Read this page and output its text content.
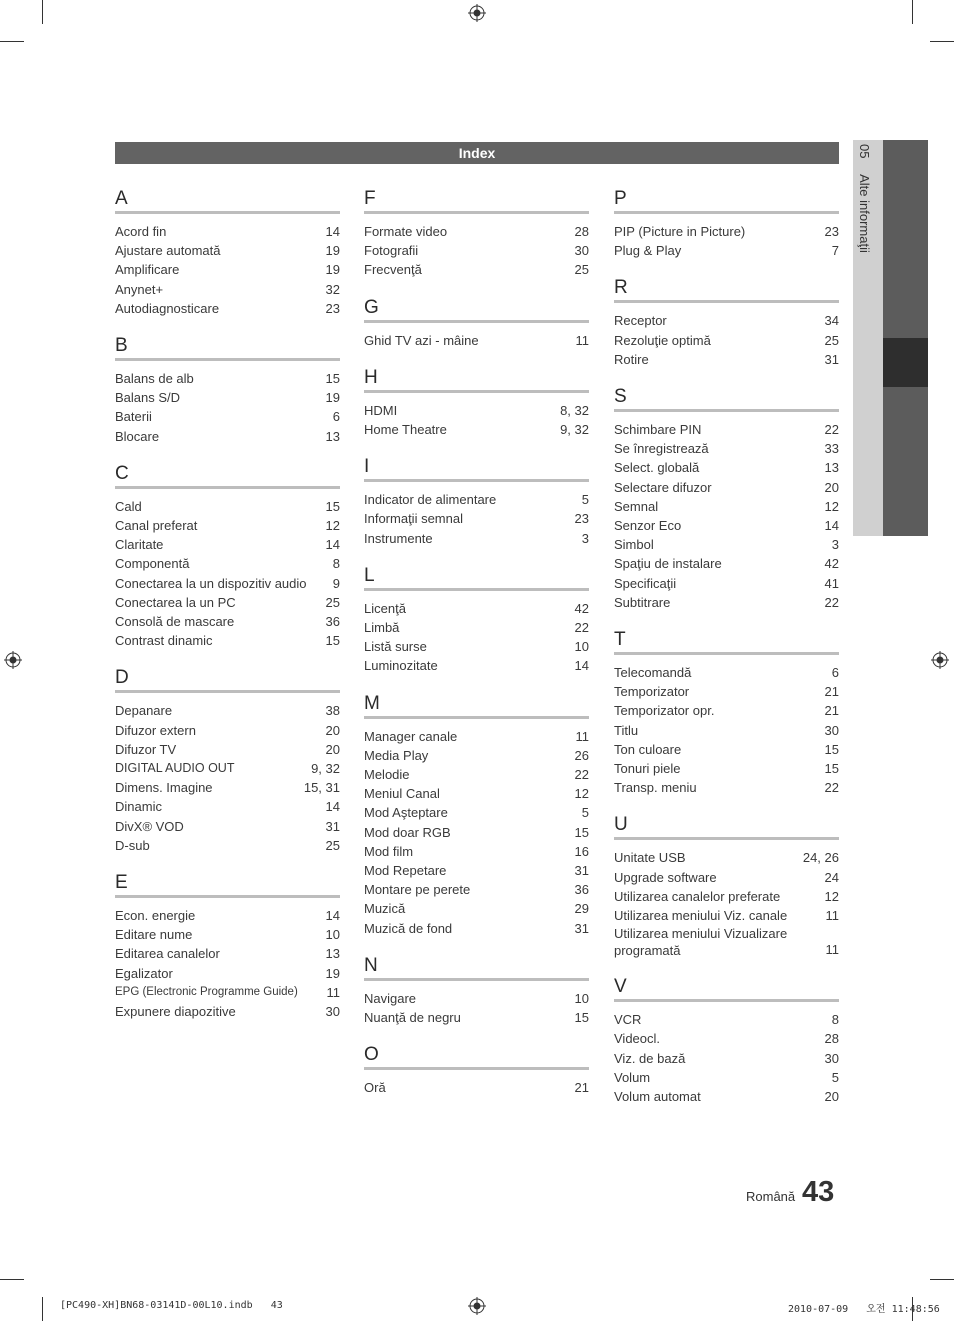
Index	05 Alte informaţii
A
Acord fin	14
Ajustare automată	19
Amplificare	19
Anynet+	32
Autodiagnosticare	23
B
Balans de alb	15
Balans S/D	19
Baterii	6
Blocare	13
C
Cald	15
Canal preferat	12
Claritate	14
Componentă	8
Conectarea la un dispozitiv audio	9
Conectarea la un PC	25
Consolă de mascare	36
Contrast dinamic	15
D
Depanare	38
Difuzor extern	20
Difuzor TV	20
DIGITAL AUDIO OUT	9, 32
Dimens. Imagine	15, 31
Dinamic	14
DivX® VOD	31
D-sub	25
E
Econ. energie	14
Editare nume	10
Editarea canalelor	13
Egalizator	19
EPG (Electronic Programme Guide)	11
Expunere diapozitive	30
F
Formate video	28
Fotografii	30
Frecvenţă	25
G
Ghid TV azi - mâine	11
H
HDMI	8, 32
Home Theatre	9, 32
I
Indicator de alimentare	5
Informaţii semnal	23
Instrumente	3
L
Licenţă	42
Limbă	22
Listă surse	10
Luminozitate	14
M
Manager canale	11
Media Play	26
Melodie	22
Meniul Canal	12
Mod Aşteptare	5
Mod doar RGB	15
Mod film	16
Mod Repetare	31
Montare pe perete	36
Muzică	29
Muzică de fond	31
N
Navigare	10
Nuanţă de negru	15
O
Oră	21
P
PIP (Picture in Picture)	23
Plug & Play	7
R
Receptor	34
Rezoluţie optimă	25
Rotire	31
S
Schimbare PIN	22
Se înregistrează	33
Select. globală	13
Selectare difuzor	20
Semnal	12
Senzor Eco	14
Simbol	3
Spaţiu de instalare	42
Specificaţii	41
Subtitrare	22
T
Telecomandă	6
Temporizator	21
Temporizator opr.	21
Titlu	30
Ton culoare	15
Tonuri piele	15
Transp. meniu	22
U
Unitate USB	24, 26
Upgrade software	24
Utilizarea canalelor preferate	12
Utilizarea meniului Viz. canale	11
Utilizarea meniului Vizualizare programată	11
V
VCR	8
Videocl.	28
Viz. de bază	30
Volum	5
Volum automat	20
Română 43
[PC490-XH]BN68-03141D-00L10.indb   43	2010-07-09   오전 11:48:56
